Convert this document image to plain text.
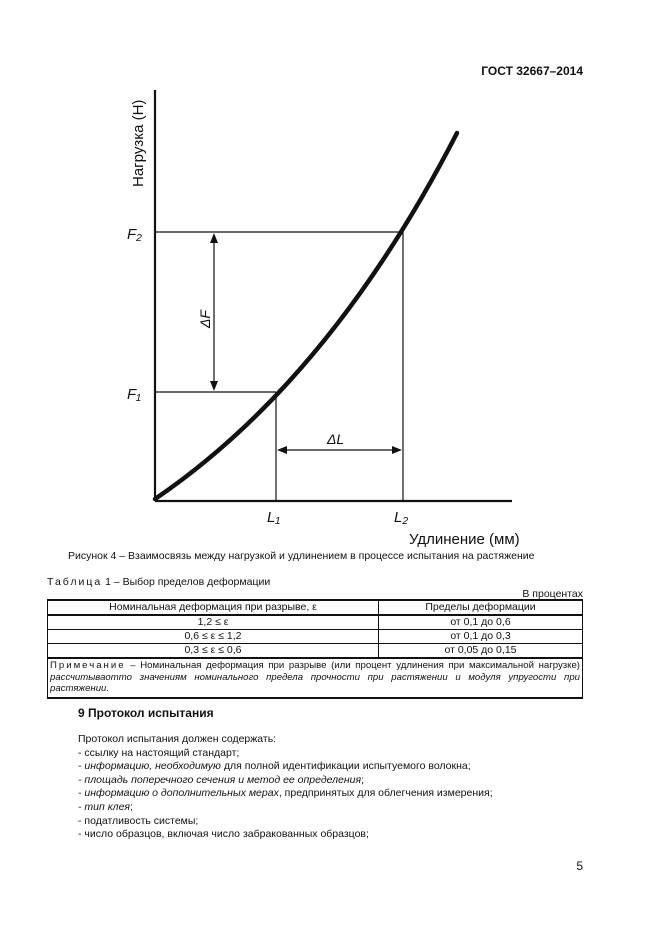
ГОСТ 32667–2014
Нагрузка (Н)
Удлинение (мм)
F₂
F₁
L₁	L₂
ΔF
ΔL
Рисунок 4 – Взаимосвязь между нагрузкой и удлинением в процессе испытания на растяжение
Таблица 1 – Выбор пределов деформации
В процентах
Номинальная деформация при разрыве, ε	Пределы деформации
1,2 ≤ ε	от 0,1 до 0,6
0,6 ≤ ε ≤ 1,2	от 0,1 до 0,3
0,3 ≤ ε ≤ 0,6	от 0,05 до 0,15
Примечание – Номинальная деформация при разрыве (или процент удлинения при максимальной нагрузке) рассчитываотто значениям номинального предела прочности при растяжении и модуля упругости при растяжении.	
9 Протокол испытания
Протокол испытания должен содержать:
- ссылку на настоящий стандарт;
- информацию, необходимую для полной идентификации испытуемого волокна;
- площадь поперечного сечения и метод ее определения;
- информацию о дополнительных мерах, предпринятых для облегчения измерения;
- тип клея;
- податливость системы;
- число образцов, включая число забракованных образцов;
5
